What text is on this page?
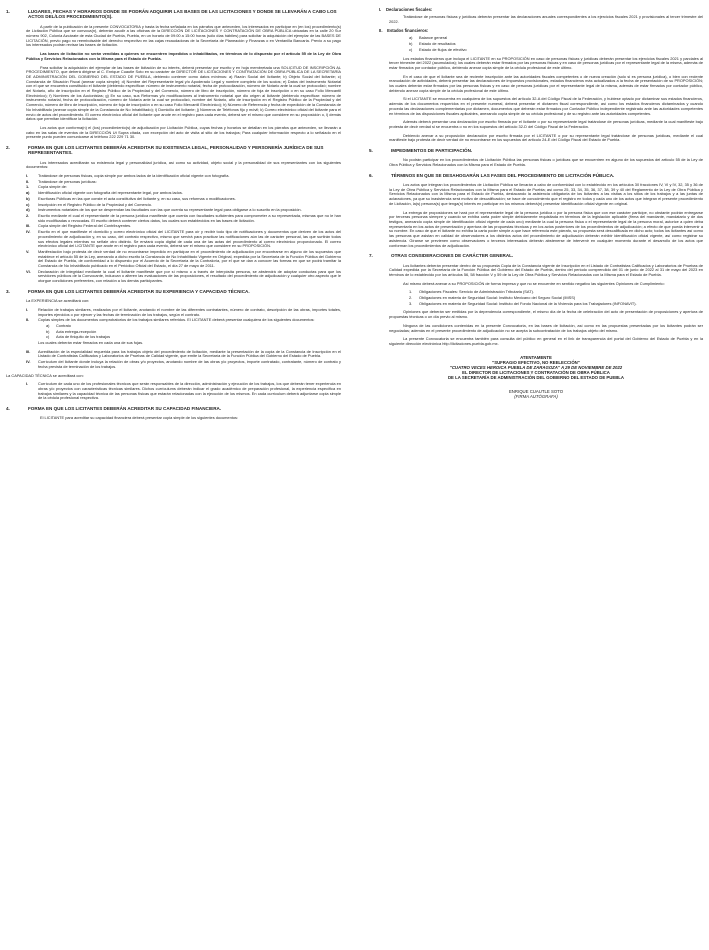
1.	LUGARES, FECHAS Y HORARIOS DONDE SE PODRÁN ADQUIRIR LAS BASES DE LAS LICITACIONES Y DONDE SE LLEVARÁN A CABO LOS ACTOS DEL/LOS PROCEDIMIENTO(S).

A partir de la publicación de la presente CONVOCATORIA y hasta la fecha señalada en los párrafos que anteceden, los interesados en participar en (en los) procedimiento(s) de Licitación Pública que se convoca(n), deberán acudir a las oficinas de la DIRECCIÓN DE LICITACIONES Y CONTRATACIÓN DE OBRA PÚBLICA ubicadas en la calle 20 Sur número 902, Colonia Azcárate de esta Ciudad de Puebla, Puebla, en un horario de 09:00 a 15:00 horas (sólo días hábiles) para solicitar la adquisición del ejemplar de las BASES DE LICITACIÓN, previo pago no reembolsable del derecho respectivo en las cajas recaudadoras de la Secretaría de Planeación y Finanzas o en Ventanilla Bancaria. Previo a su pago los interesados podrán revisar las bases de licitación.

Las bases de licitación no serán vendidas a quienes se encuentren impedidos o inhabilitados, en términos de lo dispuesto por el artículo 55 de la Ley de Obra Pública y Servicios Relacionados con la Misma para el Estado de Puebla.

Para solicitar la adquisición del ejemplar de las bases de licitación de su interés, deberá presentar por escrito y en hoja membretada una SOLICITUD DE INSCRIPCIÓN AL PROCEDIMIENTO, que deberá dirigirse al C. Enrique Cuautle Soto en su carácter de DIRECTOR DE LICITACIONES Y CONTRATACIÓN DE OBRA PÚBLICA DE LA SECRETARÍA DE ADMINISTRACIÓN DEL GOBIERNO DEL ESTADO DE PUEBLA, debiendo contener como datos mínimos: a) Razón Social del licitante; b) Objeto Social del licitante; c) Constancia de Situación Fiscal (anexar copia simple); d) Nombre del Representante legal y/o Apoderado Legal y nombre completo de los socios; e) Datos del instrumento Notarial con el que se encuentra constituido el licitante (debiendo especificar: número de instrumento notarial, fecha de protocolización, número de Notario ante la cual se protocolizó; nombre del Notario, año de inscripción en el Registro Público de la Propiedad y del Comercio, número de libro de inscripción, número de foja de inscripción o en su caso Folio Mercantil Electrónico); f) Nombres de los Accionistas; g) En su caso, sus Reformas y/o modificaciones al instrumento notarial que dio origen al licitante (debiendo especificar: número de instrumento notarial, fecha de protocolización, número de Notaría ante la cual se protocolizó, nombre del Notario, año de inscripción en el Registro Público de la Propiedad y del Comercio, número de libro de inscripción, número de foja de inscripción o en su caso Folio Mercantil Electrónico); h) Número de Referencia y fecha de expedición de la Constancia de No Inhabilitado (anexar copia simple de la Constancia de No Inhabilitado); i) Domicilio del licitante; j) Números de Teléfonos fijo y móvil; k) Correo electrónico oficial del licitante para el envío de actos del procedimiento. El correo electrónico oficial del licitante que anote en el registro para cada evento, deberá ser el mismo que considere en su proposición o, l) demás datos que permitan identificar la licitación.

Los actos que conforma(n) el (los) procedimiento(s) de adjudicación por Licitación Pública, cuyas fechas y horarios se detallan en los párrafos que anteceden, se llevarán a cabo en las salas de eventos de la DIRECCIÓN Ut Supra citada, con excepción del acto de visita al sitio de los trabajos; Para cualquier información respecto a lo señalado en el presente punto pueden comunicarse al teléfono 222 229 71 30.

2.	FORMA EN QUE LOS LICITANTES DEBERÁN ACREDITAR SU EXISTENCIA LEGAL, PERSONALIDAD Y PERSONERÍA JURÍDICA DE SUS REPRESENTANTES.

Los interesados acreditarán su existencia legal y personalidad jurídica, así como su actividad, objeto social y la personalidad de sus representantes con los siguientes documentos:

I.	Tratándose de personas físicas, copia simple por ambos lados de la identificación oficial vigente con fotografía.
II.	Tratándose de personas jurídicas:
1.	Copia simple de:
a)	Identificación oficial vigente con fotografía del representante legal, por ambos lados.
b)	Escrituras Públicas en las que conste el acta constitutiva del licitante y, en su caso, sus reformas o modificaciones.
c)	Inscripción en el Registro Público de la Propiedad y del Comercio.
d)	Instrumentos notariales de los que se desprendan las facultades con las que cuenta su representante legal para obligarse a lo suscrito en la proposición.
2.	Escrito mediante el cual el representante de la persona jurídica manifieste que cuenta con facultades suficientes para comprometer a su representada, mismas que no le han sido modificadas o revocadas. El escrito deberá contener ciertos datos, los cuales son establecidos en las bases de licitación.
III.	Copia simple del Registro Federal del Contribuyentes.
IV.	Escrito en el que manifieste el domicilio y correo electrónico oficial del LICITANTE para oír y recibir todo tipo de notificaciones y documentos que deriven de los actos del procedimiento de adjudicación y, en su caso, del contrato respectivo, mismo que servirá para practicar las notificaciones aún las de carácter personal, las que surtirán todos sus efectos legales mientras no señale otro distinto. Se enviará copia digital de cada una de las actas del procedimiento al correo electrónico proporcionado. El correo electrónico oficial del LICITANTE que anote en el registro para cada evento, deberá ser el mismo que considere en su PROPOSICIÓN.
V.	Manifestación bajo protesta de decir verdad de no encontrarse impedido en participar en el procedimiento de adjudicación por encontrarse en alguno de los supuestos que establece el artículo 55 de la Ley, anexando a dicho escrito la Constancia de No Inhabilitado Vigente en Original, expedida por la Secretaría de la Función Pública del Gobierno del Estado de Puebla, de conformidad a lo dispuesto por el Acuerdo de la Secretaría de la Contraloría, por el que se dan a conocer las formas en que se podrá tramitar la Constancia de No Inhabilitado publicado en el Periódico Oficial del Estado, el día 27 de mayo de 2011.
VI.	Declaración de integridad mediante la cual el licitante manifieste que por sí mismo o a través de interpósita persona, se abstendrá de adoptar conductas para que los servidores públicos de la Convocante, induzcan o alteren las evaluaciones de las proposiciones, el resultado del procedimiento de adjudicación y cualquier otro aspecto que le otorgue condiciones preferentes, con relación a los demás participantes.
3.	FORMA EN QUE LOS LICITANTES DEBERÁN ACREDITAR SU EXPERIENCIA Y CAPACIDAD TÉCNICA.

La EXPERIENCIA se acreditará con:

I.	Relación de trabajos similares, realizados por el licitante, anotando el nombre de las diferentes contratantes, número de contrato, descripción de las obras, importes totales, importes ejercidos o por ejercer y las fechas de terminación de los trabajos, según el contrato.
II.	Copias simples de los documentos comprobatorios de los trabajos similares referidos. El LICITANTE deberá presentar cualquiera de los siguientes documentos:
a)	Contrato
b)	Acta entrega-recepción
c)	Acta de finiquito de los trabajos

Los cuales deberán estar firmados en cada una de sus fojas.

III.	Acreditación de la especialidad requerida para los trabajos objeto del procedimiento de licitación, mediante la presentación de la copia de la Constancia de Inscripción en el Listado de Contratistas Calificados y Laboratorios de Pruebas de Calidad vigente, que emite la Secretaría de la Función Pública del Gobierno del Estado de Puebla.
IV.	Currículum del licitante donde incluya la relación de obras y/o proyectos, anotando nombre de las obras y/o proyectos, importe contratado, contratante, número de contrato y fecha prevista de terminación de los trabajos.

La CAPACIDAD TÉCNICA se acreditará con:

I.	Currículum de cada uno de los profesionales técnicos que serán responsables de la dirección, administración y ejecución de los trabajos, los que deberán tener experiencia en obras y/o proyectos con características técnicas similares. Dichos currículums deberán indicar el grado académico de preparación profesional, la experiencia específica en trabajos similares y la capacidad técnica de las personas físicas que estarán relacionadas con la ejecución de los mismos. En cada currículum deberá adjuntarse copia simple de la cédula profesional respectiva.
4.	FORMA EN QUE LOS LICITANTES DEBERÁN ACREDITAR SU CAPACIDAD FINANCIERA.

El LICITANTE para acreditar su capacidad financiera deberá presentar copia simple de los siguientes documentos:

I. Declaraciones fiscales:

Tratándose de personas físicas y jurídicas deberán presentar las declaraciones anuales correspondientes a los ejercicios fiscales 2021 y provisionales al tercer trimestre del 2022.

II. Estados financieros:
a)	Balance general
b)	Estado de resultados
c)	Estado de flujos de efectivo

Los estados financieros que incluya el LICITANTE en su PROPOSICIÓN en caso de personas físicas y jurídicas deberán presentar los ejercicios fiscales 2021 y parciales al tercer trimestre del 2022 (acumulados); los cuales deberán estar firmados por las personas físicas y en caso de personas jurídicas por el representante legal de la misma, además de estar firmados por contador público, debiendo anexar copia simple de la cédula profesional de este último.

En el caso de que el licitante sea de reciente inscripción ante las autoridades fiscales competentes o de nueva creación (solo si es persona jurídica), o bien con reciente reanudación de actividades, deberá presentar las declaraciones de impuestos provisionales, estados financieros más actualizados a la fecha de presentación de su PROPOSICIÓN; los cuales deberán estar firmados por las personas físicas y en caso de personas jurídicas por el representante legal de la misma, además de estar firmados por contador público, debiendo anexar copia simple de la cédula profesional de este último.

Si el LICITANTE se encuentra en cualquiera de los supuestos del artículo 32-A del Código Fiscal de la Federación, y hubiese optado por dictaminar sus estados financieros, además de los documentos requeridos en el presente numeral, deberá presentar el dictamen fiscal correspondiente, así como los estados financieros dictaminados y cuando proceda las declaraciones complementarias por dictamen, documentos que deberán estar firmados por Contador Público independiente registrado ante las autoridades competentes en términos de las disposiciones fiscales aplicables, anexando copia simple de su cédula profesional y de su registro ante las autoridades competentes.

Además deberá presentar una declaración por escrito firmada por el licitante o por su representante legal tratándose de personas jurídicas, mediante la cual manifieste bajo protesta de decir verdad si se encuentra o no en los supuestos del artículo 32-D del Código Fiscal de la Federación.

Debiendo anexar a su proposición declaración por escrito firmada por el LICITANTE o por su representante legal tratándose de personas jurídicas, mediante el cual manifieste bajo protesta de decir verdad de no encontrarse en los supuestos del artículo 24-E del Código Fiscal del Estado de Puebla.

5.	IMPEDIMENTOS DE PARTICIPACIÓN.

No podrán participar en los procedimientos de Licitación Pública las personas físicas o jurídicas que se encuentren en alguno de los supuestos del artículo 55 de la Ley de Obra Pública y Servicios Relacionados con la Misma para el Estado de Puebla.

6.	TÉRMINOS EN QUE SE DESAHOGARÁN LAS FASES DEL PROCEDIMIENTO DE LICITACIÓN PÚBLICA.

Los actos que integran los procedimientos de Licitación Pública se llevarán a cabo de conformidad con lo establecido en los artículos 30 fracciones IV, VI y IV, 32, 35 y 36 de la Ley de Obra Pública y Servicios Relacionados con la Misma para el Estado de Puebla; así como 25, 33, 34, 35, 36, 37, 38, 39 y 40 del Reglamento de la Ley de Obra Pública y Servicios Relacionados con la Misma para el Estado de Puebla, destacando la asistencia obligatoria de los licitantes a las visitas a los sitios de los trabajos y a las juntas de aclaraciones, ya que su inasistencia será motivo de descalificación; se hace de conocimiento que el registro en todos y cada uno de los actos que integran el presente procedimiento de Licitación, la(s) persona(s) que tenga(n) interés en participar en los mismos deberá(n) presentar identificación oficial vigente en original.

La entrega de proposiciones se hará por el representante legal de la persona jurídica o por la persona física que con ese carácter participe, no obstante podrán entregarse por terceras personas siempre y cuando se exhiba carta poder simple debidamente requisitada en términos de la legislación aplicable (firma del mandante, mandatario y de dos testigos, anexando copia simple de identificación oficial vigente de cada uno) mediante la cual la persona física o el representante legal de la persona moral, autorice a quien deba representarla en los actos de presentación y apertura de las propuestas técnicas y en los actos posteriores de los procedimientos de adjudicación; a efecto de que pueda intervenir a su nombre. En caso de que el licitante no exhiba la carta poder simple a que hace referencia este párrafo, su propuesta será descalificada en dicho acto; todos los licitantes así como las personas que asistan en calidad de observadores a los distintos actos del procedimiento de adjudicación deberán exhibir identificación oficial vigente, así como registrar su asistencia. Gíranse se previenen como observadores o terceros interesados deberán abstenerse de intervenir en cualquier momento durante el desarrollo de los actos que conforman los procedimientos de adjudicación.

7.	OTRAS CONSIDERACIONES DE CARÁCTER GENERAL.

Los licitantes deberán presentar dentro de su propuesta Copia de la Constancia vigente de Inscripción en el Listado de Contratistas Calificados y Laboratorios de Pruebas de Calidad expedida por la Secretaría de la Función Pública del Gobierno del Estado de Puebla, dentro del periodo comprendido del 01 de junio de 2022 al 31 de mayo del 2023 en términos de lo establecido por los artículos 56, 58 fracción V y 59 de la Ley de Obra Pública y Servicios Relacionados con la Misma para el Estado de Puebla.

Así mismo deberá anexar a su PROPOSICIÓN de forma impresa y que no se encuentre en sentido negativo las siguientes Opiniones de Cumplimiento:

1.	Obligaciones Fiscales: Servicio de Administración Tributaria (SAT).
2.	Obligaciones en materia de Seguridad Social: Instituto Mexicano del Seguro Social (IMSS)
3.	Obligaciones en materia de Seguridad Social: Instituto del Fondo Nacional de la Vivienda para los Trabajadores (INFONAVIT).

Opiniones que deberán ser emitidas por la dependencia correspondiente, el mismo día de la fecha de celebración del acto de presentación de proposiciones y apertura de propuestas técnicas o un día previo al mismo.

Ninguna de las condiciones contenidas en la presente Convocatoria, en las bases de licitación, así como en las propuestas presentadas por los licitantes podrán ser negociadas; además en el presente procedimiento de adjudicación no se acepta la subcontratación de los trabajos objeto del mismo.

La presente Convocatoria se encuentra también para consulta del público en general en el link de transparencia del portal del Gobierno del Estado de Puebla y en la siguiente dirección electrónica http://licitaciones.puebla.gob.mx.

ATENTAMENTE
"SUFRAGIO EFECTIVO, NO REELECCIÓN"
"CUATRO VECES HEROICA PUEBLA DE ZARAGOZA" A 29 DE NOVIEMBRE DE 2022
EL DIRECTOR DE LICITACIONES Y CONTRATACIÓN DE OBRA PÚBLICA
DE LA SECRETARÍA DE ADMINISTRACIÓN DEL GOBIERNO DEL ESTADO DE PUEBLA
ENRIQUE CUAUTLE SOTO
(FIRMA AUTÓGRAFA)
